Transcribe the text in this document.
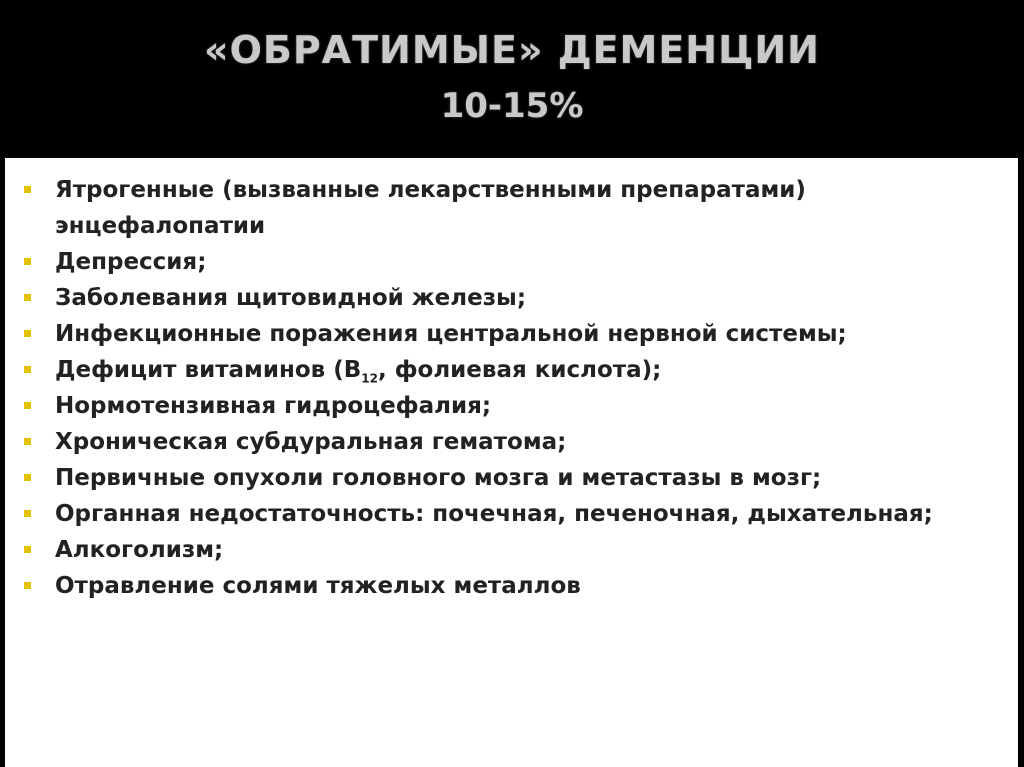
«ОБРАТИМЫЕ» ДЕМЕНЦИИ
10-15%
Ятрогенные (вызванные лекарственными препаратами) энцефалопатии
Депрессия;
Заболевания щитовидной железы;
Инфекционные поражения центральной нервной системы;
Дефицит витаминов ($В_{12}$, фолиевая кислота);
Нормотензивная гидроцефалия;
Хроническая субдуральная гематома;
Первичные опухоли головного мозга и метастазы в мозг;
Органная недостаточность: почечная, печеночная, дыхательная;
Алкоголизм;
Отравление солями тяжелых металлов
